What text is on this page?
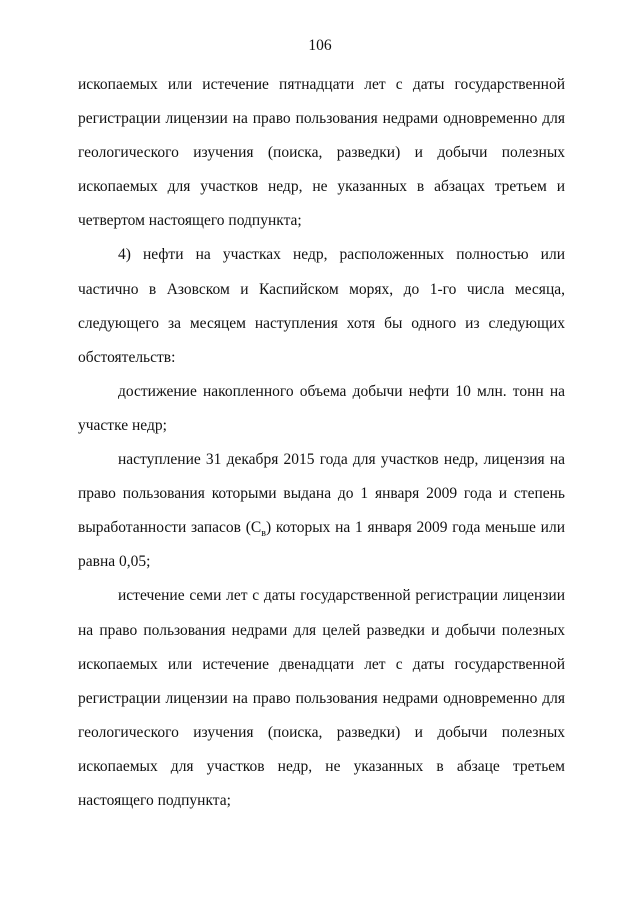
106

ископаемых или истечение пятнадцати лет с даты государственной регистрации лицензии на право пользования недрами одновременно для геологического изучения (поиска, разведки) и добычи полезных ископаемых для участков недр, не указанных в абзацах третьем и четвертом настоящего подпункта;

4) нефти на участках недр, расположенных полностью или частично в Азовском и Каспийском морях, до 1-го числа месяца, следующего за месяцем наступления хотя бы одного из следующих обстоятельств:

достижение накопленного объема добычи нефти 10 млн. тонн на участке недр;

наступление 31 декабря 2015 года для участков недр, лицензия на право пользования которыми выдана до 1 января 2009 года и степень выработанности запасов $(С_в)$ которых на 1 января 2009 года меньше или равна 0,05;

истечение семи лет с даты государственной регистрации лицензии на право пользования недрами для целей разведки и добычи полезных ископаемых или истечение двенадцати лет с даты государственной регистрации лицензии на право пользования недрами одновременно для геологического изучения (поиска, разведки) и добычи полезных ископаемых для участков недр, не указанных в абзаце третьем настоящего подпункта;
